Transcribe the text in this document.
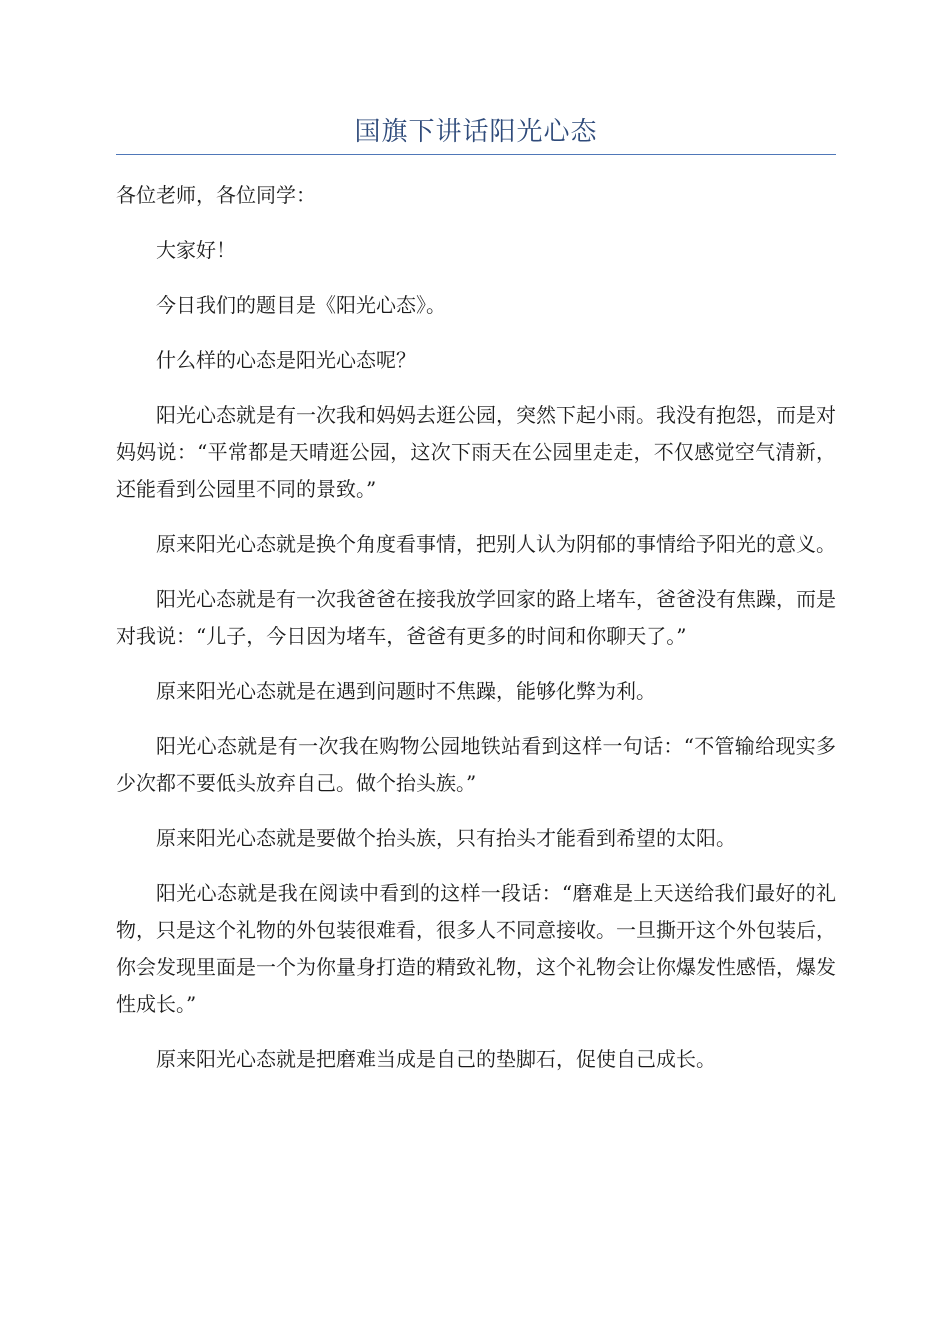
国旗下讲话阳光心态

各位老师，各位同学：

大家好！

今日我们的题目是《阳光心态》。

什么样的心态是阳光心态呢？

阳光心态就是有一次我和妈妈去逛公园，突然下起小雨。我没有抱怨，而是对妈妈说：“平常都是天晴逛公园，这次下雨天在公园里走走，不仅感觉空气清新，还能看到公园里不同的景致。”

原来阳光心态就是换个角度看事情，把别人认为阴郁的事情给予阳光的意义。

阳光心态就是有一次我爸爸在接我放学回家的路上堵车，爸爸没有焦躁，而是对我说：“儿子，今日因为堵车，爸爸有更多的时间和你聊天了。”

原来阳光心态就是在遇到问题时不焦躁，能够化弊为利。

阳光心态就是有一次我在购物公园地铁站看到这样一句话：“不管输给现实多少次都不要低头放弃自己。做个抬头族。”

原来阳光心态就是要做个抬头族，只有抬头才能看到希望的太阳。

阳光心态就是我在阅读中看到的这样一段话：“磨难是上天送给我们最好的礼物，只是这个礼物的外包装很难看，很多人不同意接收。一旦撕开这个外包装后，你会发现里面是一个为你量身打造的精致礼物，这个礼物会让你爆发性感悟，爆发性成长。”

原来阳光心态就是把磨难当成是自己的垫脚石，促使自己成长。
